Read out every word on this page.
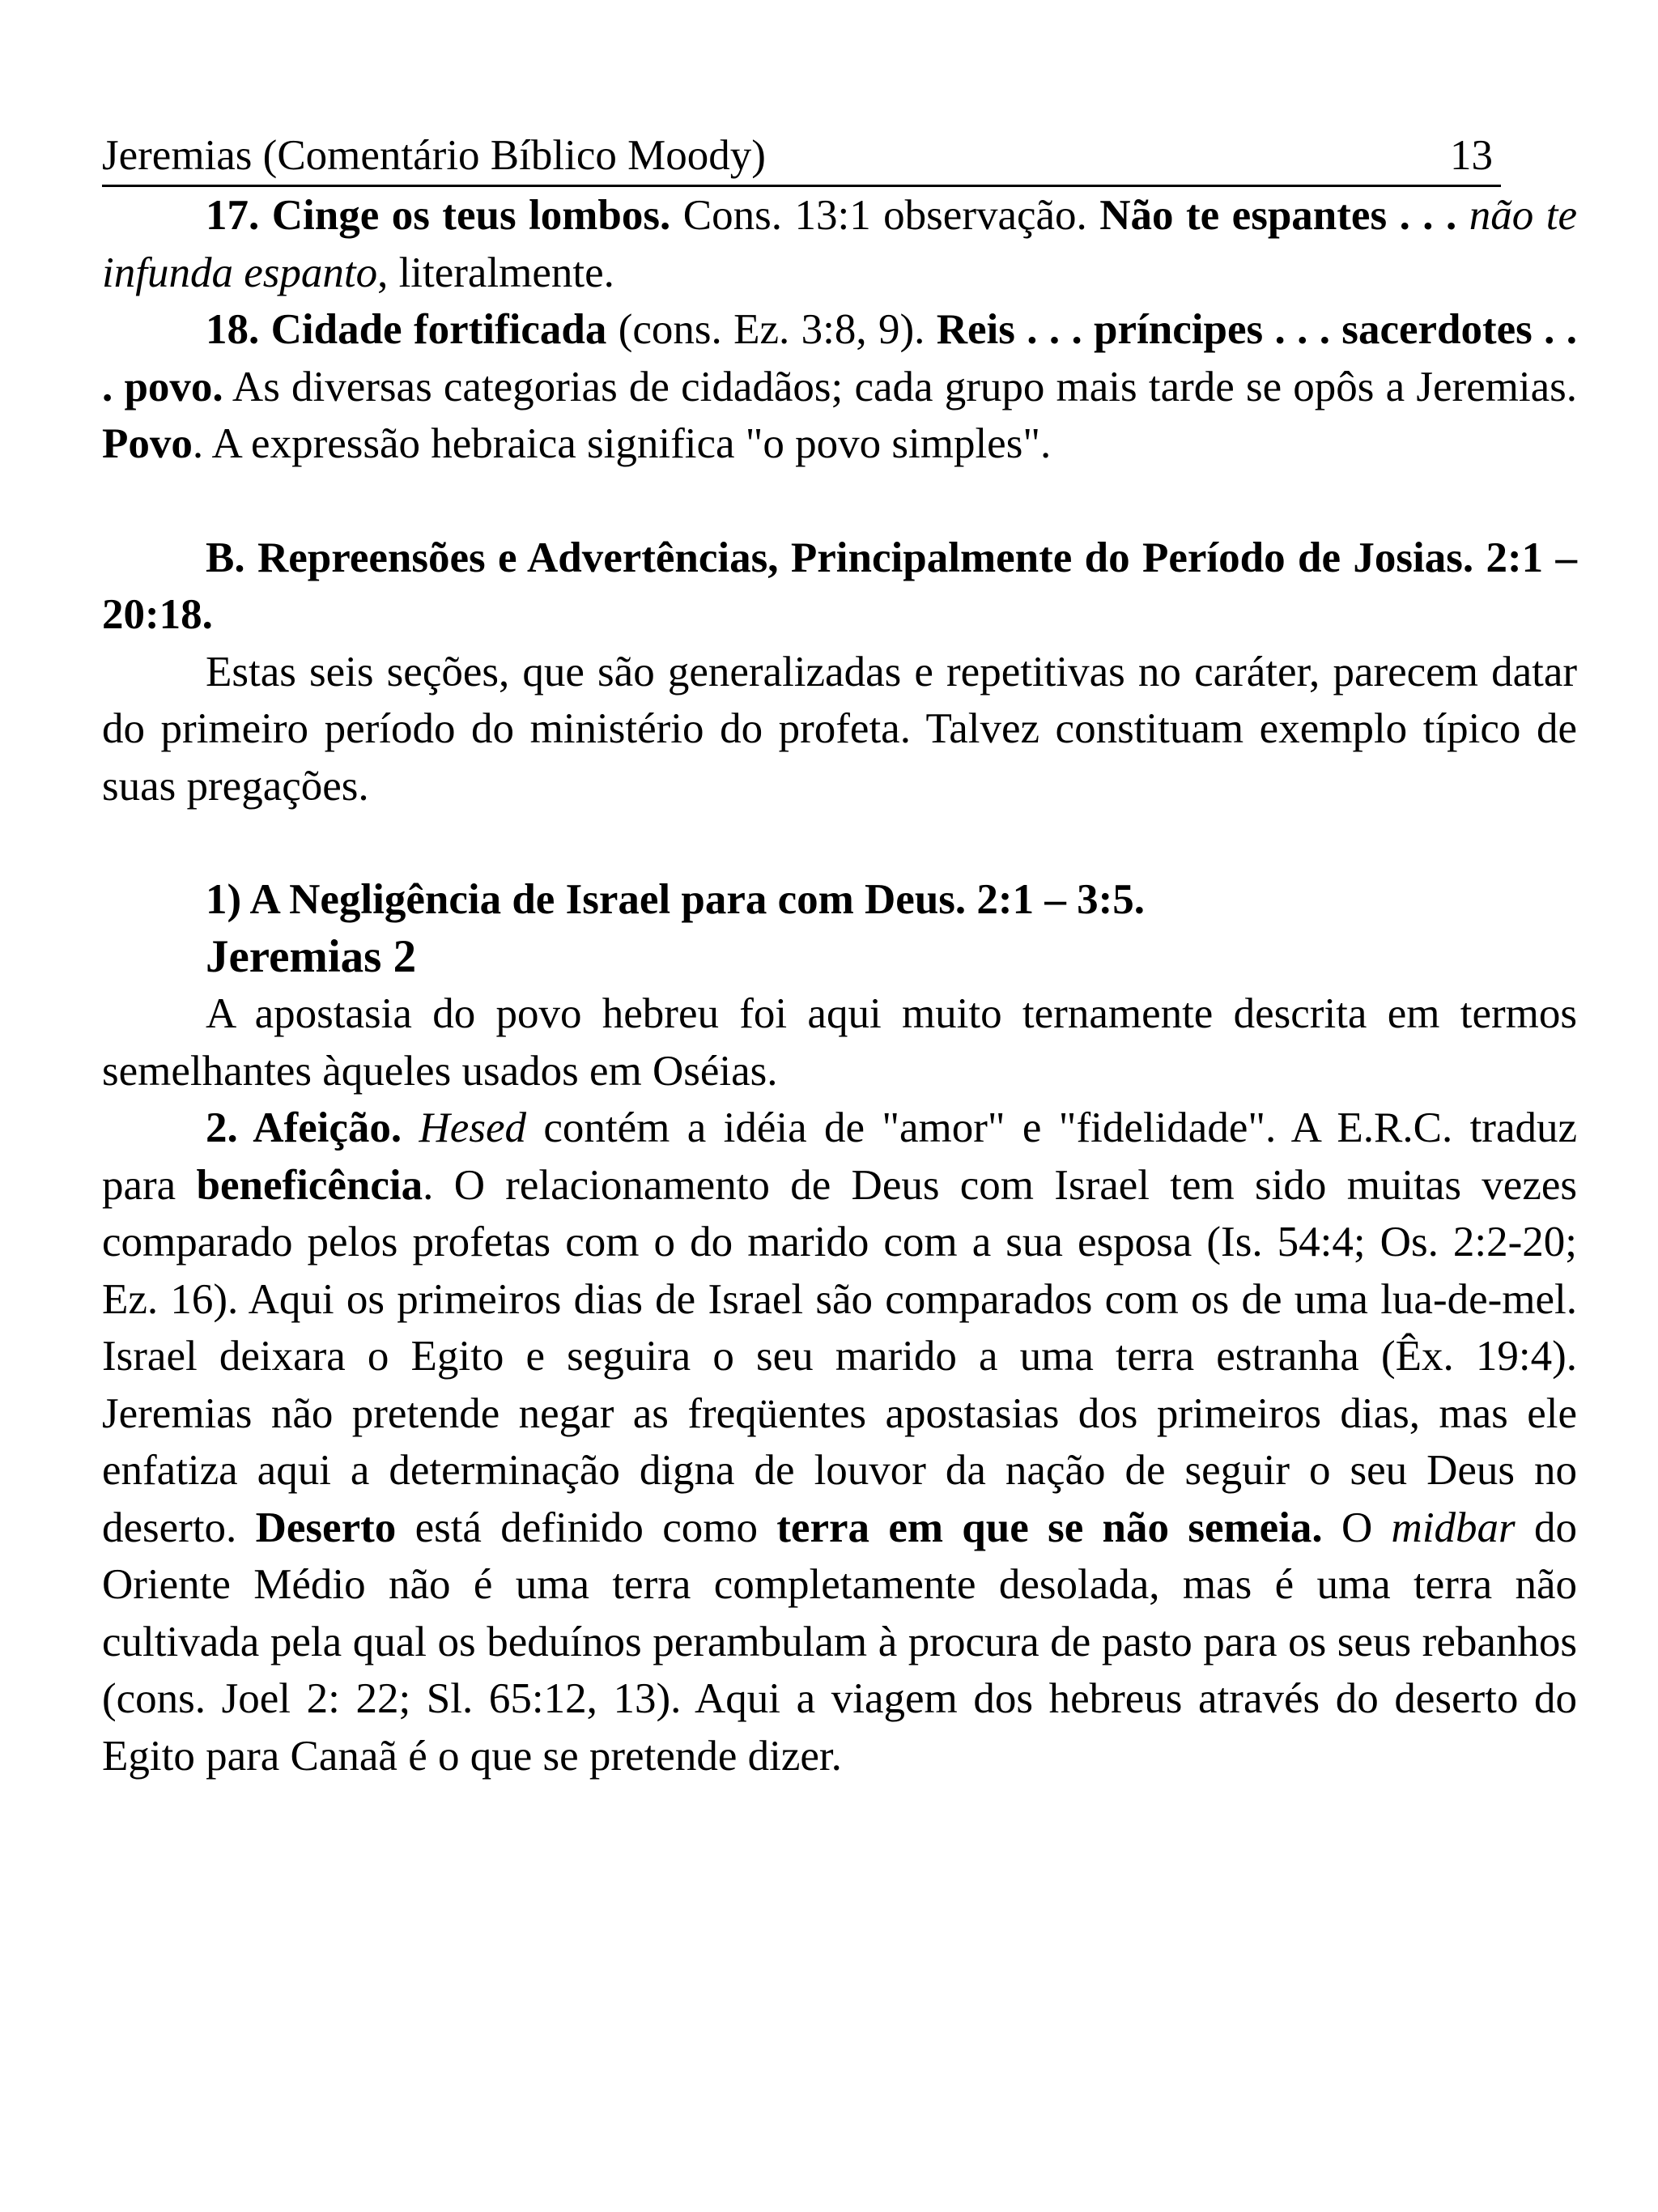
Jeremias (Comentário Bíblico Moody)	13

17. Cinge os teus lombos. Cons. 13:1 observação. Não te espantes . . . não te infunda espanto, literalmente.

18. Cidade fortificada (cons. Ez. 3:8, 9). Reis . . . príncipes . . . sacerdotes . . . povo. As diversas categorias de cidadãos; cada grupo mais tarde se opôs a Jeremias. Povo. A expressão hebraica significa "o povo simples".

B. Repreensões e Advertências, Principalmente do Período de Josias. 2:1 – 20:18.

Estas seis seções, que são generalizadas e repetitivas no caráter, parecem datar do primeiro período do ministério do profeta. Talvez constituam exemplo típico de suas pregações.

1) A Negligência de Israel para com Deus. 2:1 – 3:5.

Jeremias 2

A apostasia do povo hebreu foi aqui muito ternamente descrita em termos semelhantes àqueles usados em Oséias.

2. Afeição. Hesed contém a idéia de "amor" e "fidelidade". A E.R.C. traduz para beneficência. O relacionamento de Deus com Israel tem sido muitas vezes comparado pelos profetas com o do marido com a sua esposa (Is. 54:4; Os. 2:2-20; Ez. 16). Aqui os primeiros dias de Israel são comparados com os de uma lua-de-mel. Israel deixara o Egito e seguira o seu marido a uma terra estranha (Êx. 19:4). Jeremias não pretende negar as freqüentes apostasias dos primeiros dias, mas ele enfatiza aqui a determinação digna de louvor da nação de seguir o seu Deus no deserto. Deserto está definido como terra em que se não semeia. O midbar do Oriente Médio não é uma terra completamente desolada, mas é uma terra não cultivada pela qual os beduínos perambulam à procura de pasto para os seus rebanhos (cons. Joel 2: 22; Sl. 65:12, 13). Aqui a viagem dos hebreus através do deserto do Egito para Canaã é o que se pretende dizer.
